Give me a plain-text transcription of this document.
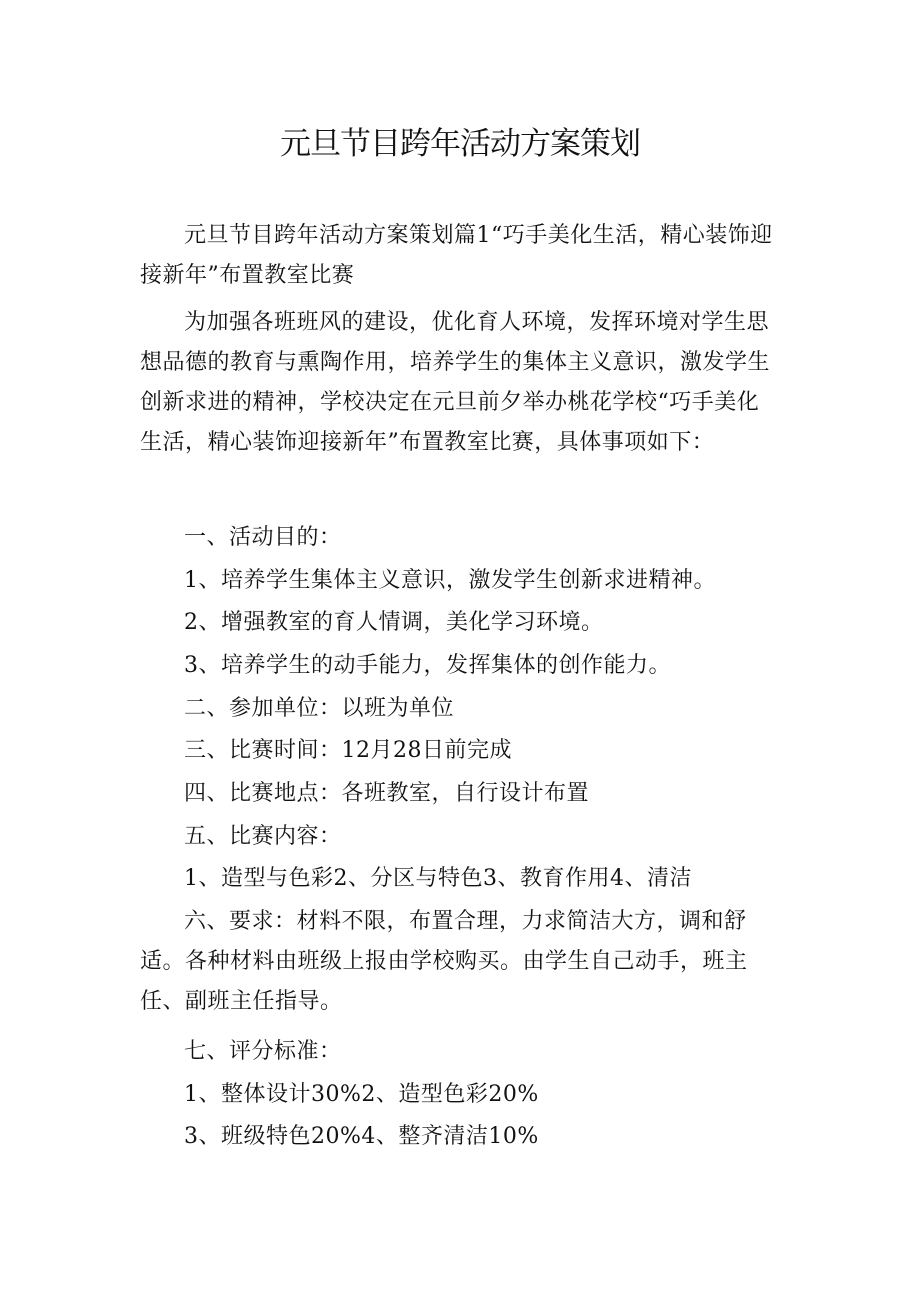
元旦节目跨年活动方案策划

元旦节目跨年活动方案策划篇1“巧手美化生活，精心装饰迎接新年”布置教室比赛

为加强各班班风的建设，优化育人环境，发挥环境对学生思想品德的教育与熏陶作用，培养学生的集体主义意识，激发学生创新求进的精神，学校决定在元旦前夕举办桃花学校“巧手美化生活，精心装饰迎接新年”布置教室比赛，具体事项如下：

一、活动目的：

1、培养学生集体主义意识，激发学生创新求进精神。

2、增强教室的育人情调，美化学习环境。

3、培养学生的动手能力，发挥集体的创作能力。

二、参加单位：以班为单位

三、比赛时间：12月28日前完成

四、比赛地点：各班教室，自行设计布置

五、比赛内容：

1、造型与色彩2、分区与特色3、教育作用4、清洁

六、要求：材料不限，布置合理，力求简洁大方，调和舒适。各种材料由班级上报由学校购买。由学生自己动手，班主任、副班主任指导。

七、评分标准：

1、整体设计30%2、造型色彩20%

3、班级特色20%4、整齐清洁10%
